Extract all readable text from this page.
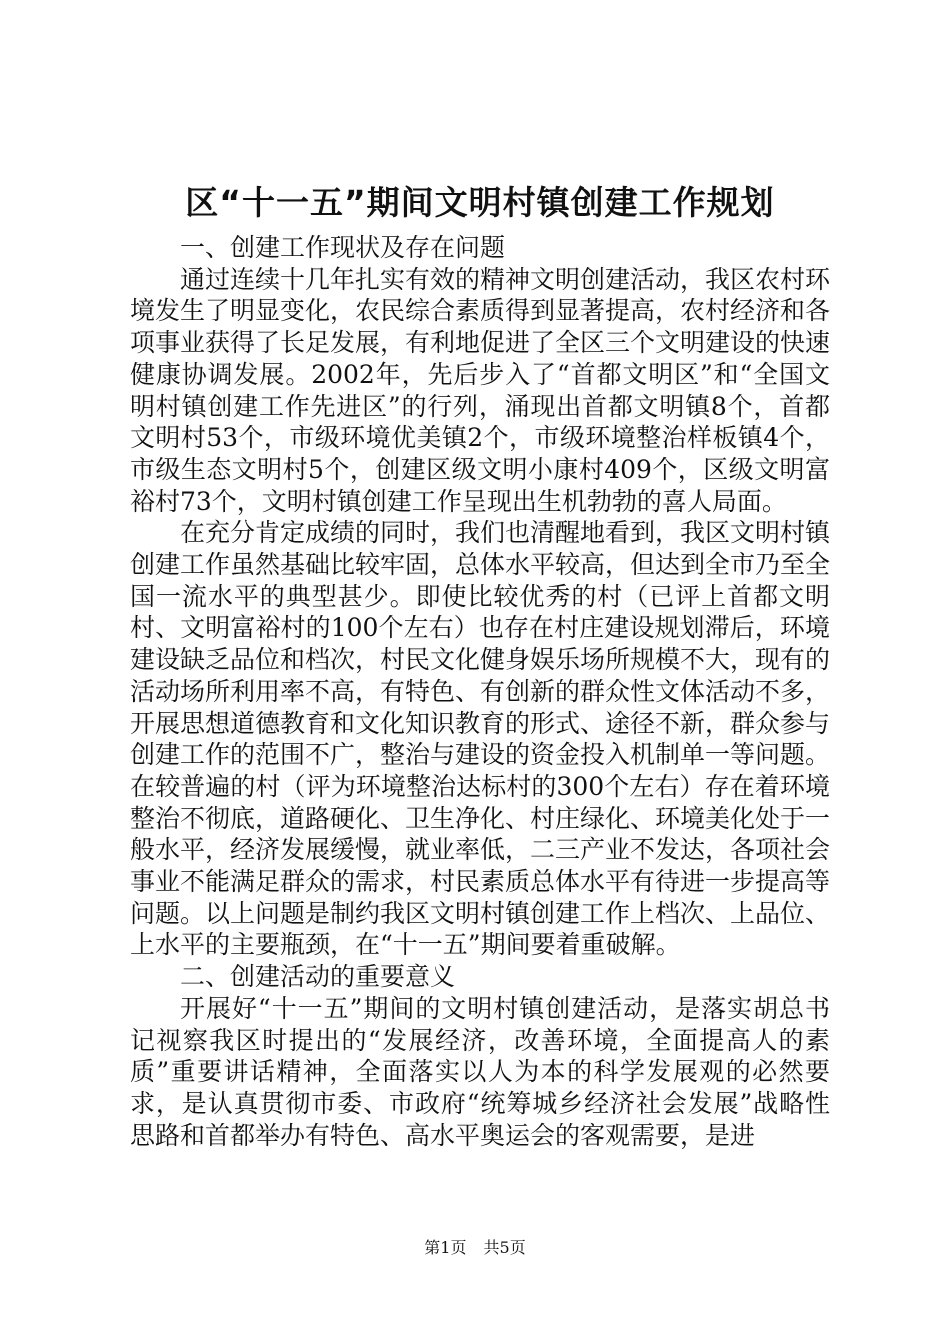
区“十一五”期间文明村镇创建工作规划

一、创建工作现状及存在问题

通过连续十几年扎实有效的精神文明创建活动，我区农村环境发生了明显变化，农民综合素质得到显著提高，农村经济和各项事业获得了长足发展，有利地促进了全区三个文明建设的快速健康协调发展。2002年，先后步入了“首都文明区”和“全国文明村镇创建工作先进区”的行列，涌现出首都文明镇8个，首都文明村53个，市级环境优美镇2个，市级环境整治样板镇4个，市级生态文明村5个，创建区级文明小康村409个，区级文明富裕村73个，文明村镇创建工作呈现出生机勃勃的喜人局面。

在充分肯定成绩的同时，我们也清醒地看到，我区文明村镇创建工作虽然基础比较牢固，总体水平较高，但达到全市乃至全国一流水平的典型甚少。即使比较优秀的村（已评上首都文明村、文明富裕村的100个左右）也存在村庄建设规划滞后，环境建设缺乏品位和档次，村民文化健身娱乐场所规模不大，现有的活动场所利用率不高，有特色、有创新的群众性文体活动不多，开展思想道德教育和文化知识教育的形式、途径不新，群众参与创建工作的范围不广，整治与建设的资金投入机制单一等问题。在较普遍的村（评为环境整治达标村的300个左右）存在着环境整治不彻底，道路硬化、卫生净化、村庄绿化、环境美化处于一般水平，经济发展缓慢，就业率低，二三产业不发达，各项社会事业不能满足群众的需求，村民素质总体水平有待进一步提高等问题。以上问题是制约我区文明村镇创建工作上档次、上品位、上水平的主要瓶颈，在“十一五”期间要着重破解。

二、创建活动的重要意义

开展好“十一五”期间的文明村镇创建活动，是落实胡总书记视察我区时提出的“发展经济，改善环境，全面提高人的素质”重要讲话精神，全面落实以人为本的科学发展观的必然要求，是认真贯彻市委、市政府“统筹城乡经济社会发展”战略性思路和首都举办有特色、高水平奥运会的客观需要，是进

第1页 共5页
